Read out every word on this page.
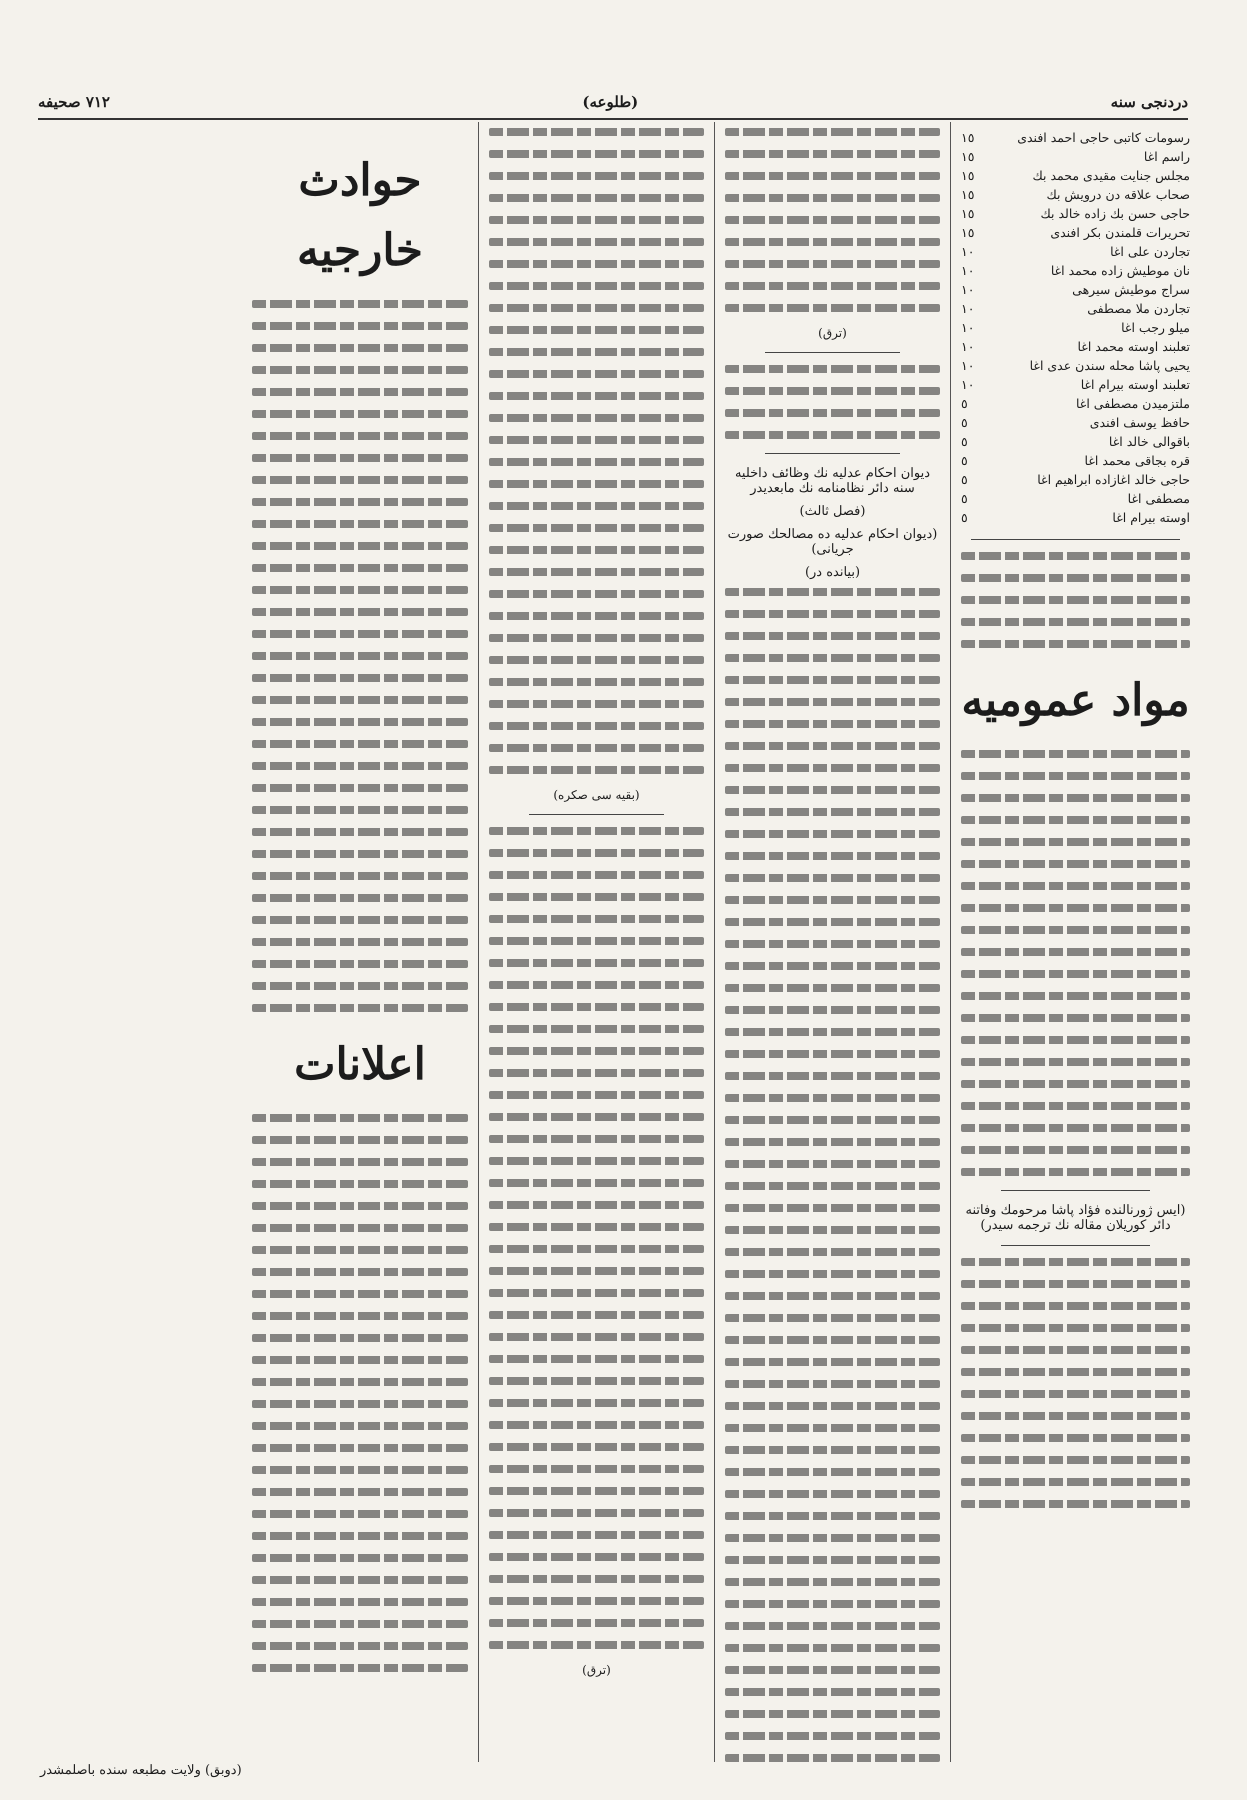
دردنجی سنه
(طلوعه)
٧١٢ صحيفه
رسومات كاتبی حاجی احمد افندی
١٥
راسم اغا
١٥
مجلس جنايت مقيدی محمد بك
١٥
صحاب علاقه دن درويش بك
١٥
حاجی حسن بك زاده خالد بك
١٥
تحريرات قلمندن بكر افندی
١٥
تجاردن علی اغا
١٠
نان موطيش زاده محمد اغا
١٠
سراج موطيش سيرهی
١٠
تجاردن ملا مصطفی
١٠
ميلو رجب اغا
١٠
تعلبند اوسته محمد اغا
١٠
يحيی پاشا محله سندن عدی اغا
١٠
تعلبند اوسته بيرام اغا
١٠
ملتزميدن مصطفی اغا
٥
حافظ يوسف افندی
٥
باقوالی خالد اغا
٥
قره بجاقی محمد اغا
٥
حاجی خالد اغازاده ابراهيم اغا
٥
مصطفی اغا
٥
اوسته بيرام اغا
٥
مواد عموميه
(ايس ژورنالنده فؤاد پاشا مرحومك وفاتنه دائر كوريلان مقاله نك ترجمه سيدر)
(ترق)
ديوان احكام عدليه نك وظائف داخليه سنه دائر نظامنامه نك مابعدیدر
(فصل ثالث)
(ديوان احكام عدليه ده مصالحك صورت جريانی)
(بيانده در)
(بقيه سی صكره)
(ترق)
حوادث خارجيه
اعلانات
(دوبق) ولايت مطبعه سنده باصلمشدر
